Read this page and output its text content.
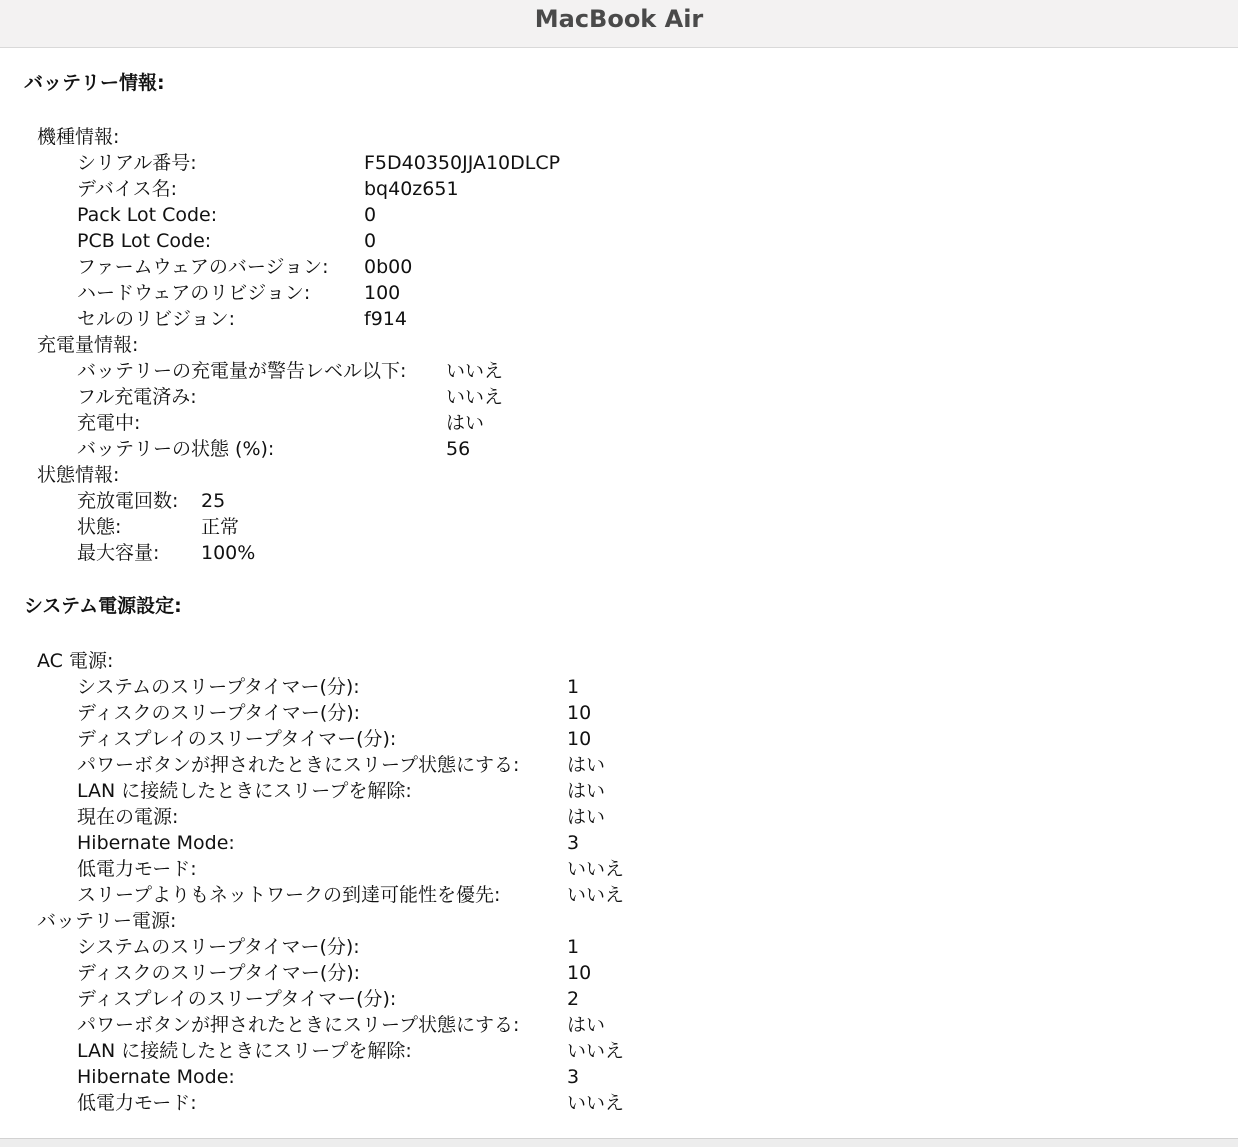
MacBook Air
バッテリー情報:
機種情報:
シリアル番号:	F5D40350JJA10DLCP
デバイス名:	bq40z651
Pack Lot Code:	0
PCB Lot Code:	0
ファームウェアのバージョン: 0b00
ハードウェアのリビジョン:	100
セルのリビジョン:	f914
充電量情報:
バッテリーの充電量が警告レベル以下: いいえ
フル充電済み:	いいえ
充電中:	はい
バッテリーの状態 (%):	56
状態情報:
充放電回数: 25
状態:	正常
最大容量: 100%
システム電源設定:
AC 電源:
システムのスリープタイマー(分):	1
ディスクのスリープタイマー(分):	10
ディスプレイのスリープタイマー(分):	10
パワーボタンが押されたときにスリープ状態にする:	はい
LAN に接続したときにスリープを解除:	はい
現在の電源:	はい
Hibernate Mode:	3
低電力モード:	いいえ
スリープよりもネットワークの到達可能性を優先:	いいえ
バッテリー電源:
システムのスリープタイマー(分):	1
ディスクのスリープタイマー(分):	10
ディスプレイのスリープタイマー(分):	2
パワーボタンが押されたときにスリープ状態にする:	はい
LAN に接続したときにスリープを解除:	いいえ
Hibernate Mode:	3
低電力モード:	いいえ
